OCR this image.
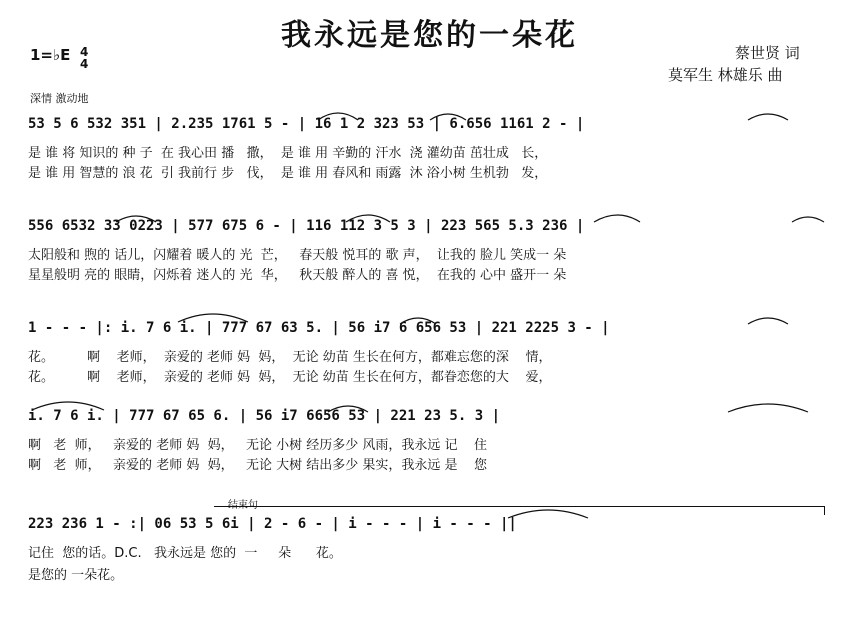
我永远是您的一朵花	蔡世贤 词
莫军生 林雄乐 曲
1=♭E 4
4
深情 激动地
53 5 6 532 351 | 2.235 1761 5 - | 16 1 2 323 53 | 6.656 1161 2 - |
是 谁 将 知识的 种 子  在 我心田 播   撒，  是 谁 用 辛勤的 汗水  浇 灌幼苗 茁壮成   长，
是 谁 用 智慧的 浪 花  引 我前行 步   伐，  是 谁 用 春风和 雨露  沐 浴小树 生机勃   发，
556 6532 33 0223 | 577 675 6 - | 116 112 3 5 3 | 223 565 5.3 236 |
太阳般和 煦的 话儿，闪耀着 暖人的 光  芒，   春天般 悦耳的 歌 声，  让我的 脸儿 笑成一 朵
星星般明 亮的 眼睛，闪烁着 迷人的 光  华，   秋天般 醉人的 喜 悦，  在我的 心中 盛开一 朵
1 - - - |: i. 7 6 i. | 777 67 63 5. | 56 i7 6 656 53 | 221 2225 3 - |
花。        啊    老师，  亲爱的 老师 妈  妈，  无论 幼苗 生长在何方，都难忘您的深    情，
花。        啊    老师，  亲爱的 老师 妈  妈，  无论 幼苗 生长在何方，都眷恋您的大    爱，
i. 7 6 i. | 777 67 65 6. | 56 i7 6656 53 | 221 23 5. 3 |
啊   老  师，   亲爱的 老师 妈  妈，   无论 小树 经历多少 风雨，我永远 记    住
啊   老  师，   亲爱的 老师 妈  妈，   无论 大树 结出多少 果实，我永远 是    您
结束句
223 236 1 - :| 06 53 5 6i | 2 - 6 - | i - - - | i - - - ||
记住  您的话。D.C.   我永远是 您的  一     朵      花。
是您的 一朵花。
